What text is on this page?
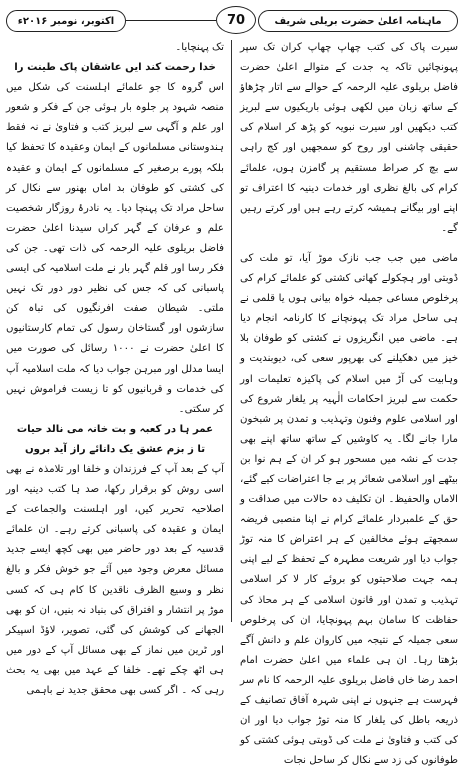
ماہنامہ اعلیٰ حضرت بریلی شریف
70
اکتوبر، نومبر ۲۰۱۶ء

سیرت پاک کی کتب چھاپ چھاپ کران تک سپر پہونچائیں تاکہ یہ جدت کے متوالے اعلیٰ حضرت فاضل بریلوی علیہ الرحمہ کے حوالے سے اتار چڑھاؤ کے ساتھ زبان میں لکھی ہوئی باریکیوں سے لبریز کتب دیکھیں اور سیرت نبویہ کو پڑھ کر اسلام کی حقیقی چاشنی اور روح کو سمجھیں اور کج راہی سے بچ کر صراط مستقیم پر گامزن ہوں، علمائے کرام کی بالغ نظری اور خدمات دینیہ کا اعتراف تو اپنے اور بیگانے ہمیشہ کرتے رہے ہیں اور کرتے رہیں گے۔

ماضی میں جب جب نازک موڑ آیا، تو ملت کی ڈوبتی اور ہچکولے کھاتی کشتی کو علمائے کرام کی پرخلوص مساعی جمیلہ خواہ بیانی ہوں یا قلمی نے ہی ساحل مراد تک پہونچانے کا کارنامہ انجام دیا ہے۔ ماضی میں انگریزوں نے کشتی کو طوفان بلا خیز میں دھکیلنے کی بھرپور سعی کی، دیوبندیت و وہابیت کی آڑ میں اسلام کی پاکیزہ تعلیمات اور حکمت سے لبریز احکامات الٰہیہ پر یلغار شروع کی اور اسلامی علوم وفنون وتہذیب و تمدن پر شبخون مارا جانے لگا۔ یہ کاوشیں کے ساتھ ساتھ اپنے بھی جدت کے نشہ میں مسحور ہو کر ان کے ہم نوا بن بیٹھے اور اسلامی شعائر پر بے جا اعتراضات کیے گئے، الاماں والحفیظ۔ ان تکلیف دہ حالات میں صداقت و حق کے علمبردار علمائے کرام نے اپنا منصبی فریضہ سمجھتے ہوئے مخالفین کے ہر اعتراض کا منہ توڑ جواب دیا اور شریعت مطہرہ کے تحفظ کے لیے اپنی ہمہ جہت صلاحیتوں کو بروئے کار لا کر اسلامی تہذیب و تمدن اور قانون اسلامی کے ہر محاذ کی حفاظت کا سامان بہم پہونچایا، ان کی پرخلوص سعی جمیلہ کے نتیجہ میں کاروان علم و دانش آگے بڑھتا رہا۔ ان ہی علماء میں اعلیٰ حضرت امام احمد رضا خاں فاضل بریلوی علیہ الرحمہ کا نام سر فہرست ہے جنہوں نے اپنی شہرہ آفاق تصانیف کے ذریعہ باطل کی یلغار کا منہ توڑ جواب دیا اور ان کی کتب و فتاویٰ نے ملت کی ڈوبتی ہوئی کشتی کو طوفانوں کی زد سے نکال کر ساحل نجات

تک پہنچایا۔

خدا رحمت کند ایں عاشقان پاک طینت را

اس گروہ کا جو علمائے اہلسنت کی شکل میں منصہ شہود پر جلوہ بار ہوئی جن کے فکر و شعور اور علم و آگہی سے لبریز کتب و فتاویٰ نے نہ فقط ہندوستانی مسلمانوں کے ایمان وعقیدہ کا تحفظ کیا بلکہ پورے برصغیر کے مسلمانوں کے ایمان و عقیدہ کی کشتی کو طوفان بد اماں بھنور سے نکال کر ساحل مراد تک پہنچا دیا۔ یہ نادرۂ روزگار شخصیت علم و عرفان کے گہر کراں سیدنا اعلیٰ حضرت فاضل بریلوی علیہ الرحمہ کی ذات تھی۔ جن کی فکر رسا اور قلم گہر بار نے ملت اسلامیہ کی ایسی پاسبانی کی کہ جس کی نظیر دور دور تک نہیں ملتی۔ شیطان صفت افرنگیوں کی تباہ کن سازشوں اور گستاخان رسول کی تمام کارستانیوں کا اعلیٰ حضرت نے ۱۰۰۰ رسائل کی صورت میں ایسا مدلل اور مبرہن جواب دیا کہ ملت اسلامیہ آپ کی خدمات و قربانیوں کو تا زیست فراموش نہیں کر سکتی۔

عمر ہا در کعبہ و بت خانہ می نالد حیات

تا ز بزم عشق یک دانائے راز آید بروں

آپ کے بعد آپ کے فرزندان و خلفا اور تلامذہ نے بھی اسی روش کو برقرار رکھا، صد ہا کتب دینیہ اور اصلاحیہ تحریر کیں، اور اہلسنت والجماعت کے ایمان و عقیدہ کی پاسبانی کرتے رہے۔ ان علمائے قدسیہ کے بعد دور حاضر میں بھی کچھ ایسے جدید مسائل معرض وجود میں آئے جو خوش فکر و بالغ نظر و وسیع الظرف ناقدین کا کام ہی کہ کسی موڑ پر انتشار و افتراق کی بنیاد نہ بنیں، ان کو بھی الجھانے کی کوشش کی گئی، تصویر، لاؤڈ اسپیکر اور ٹرین میں نماز کے بھی مسائل آپ کے دور میں ہی اٹھ چکے تھے۔ خلفا کے عہد میں بھی یہ بحث رہی کہ ۔ اگر کسی بھی محقق جدید نے باہمی
